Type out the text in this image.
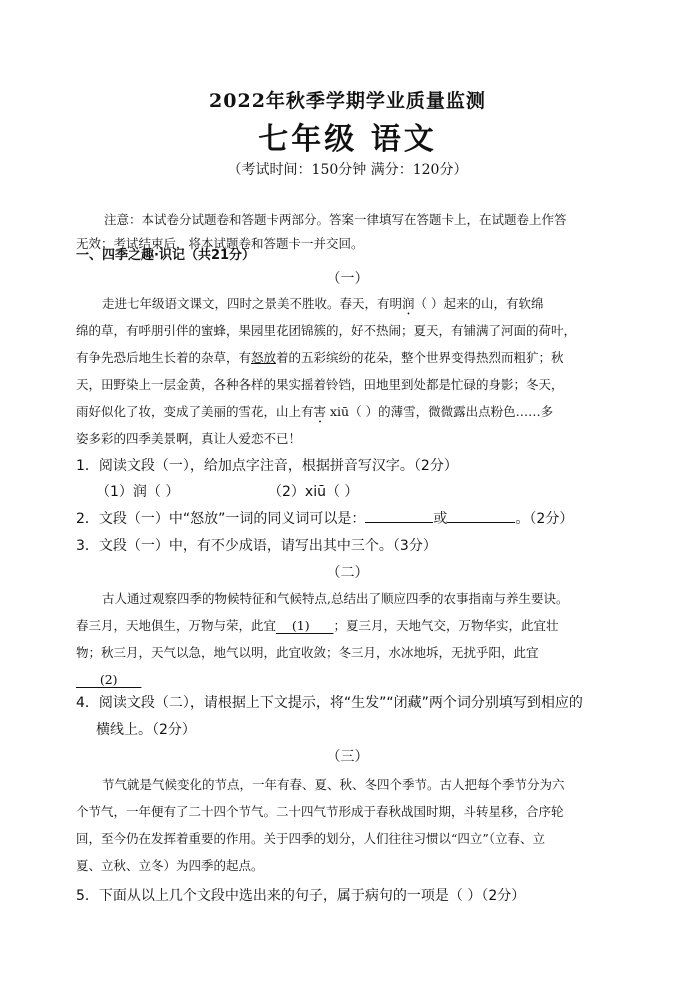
2022年秋季学期学业质量监测
七年级 语文
（考试时间：150分钟 满分：120分）
注意：本试卷分试题卷和答题卡两部分。答案一律填写在答题卡上，在试题卷上作答
无效；考试结束后，将本试题卷和答题卡一并交回。
一、四季之趣·识记（共21分）
（一）
走进七年级语文课文，四时之景美不胜收。春天，有明润（ ）起来的山，有软绵
绵的草，有呼朋引伴的蜜蜂，果园里花团锦簇的，好不热闹；夏天，有铺满了河面的荷叶，
有争先恐后地生长着的杂草，有怒放着的五彩缤纷的花朵，整个世界变得热烈而粗犷；秋
天，田野染上一层金黄，各种各样的果实摇着铃铛，田地里到处都是忙碌的身影；冬天，
雨好似化了妆，变成了美丽的雪花，山上有害 xiū（ ）的薄雪，微微露出点粉色……多
姿多彩的四季美景啊，真让人爱恋不已！
1．阅读文段（一），给加点字注音，根据拼音写汉字。（2分）
（1）润（ ）	（2）xiū（ ）
2．文段（一）中“怒放”一词的同义词可以是：	或	。（2分）
3．文段（一）中，有不少成语，请写出其中三个。（3分）
（二）
古人通过观察四季的物候特征和气候特点,总结出了顺应四季的农事指南与养生要诀。
春三月，天地俱生，万物与荣，此宜    (1)      ；夏三月，天地气交，万物华实，此宜壮
物；秋三月，天气以急，地气以明，此宜收敛；冬三月，水冰地坼，无扰乎阳，此宜
(2)
4．阅读文段（二），请根据上下文提示，将“生发”“闭藏”两个词分别填写到相应的
横线上。（2分）
（三）
节气就是气候变化的节点，一年有春、夏、秋、冬四个季节。古人把每个季节分为六
个节气，一年便有了二十四个节气。二十四气节形成于春秋战国时期，斗转星移，合序轮
回，至今仍在发挥着重要的作用。关于四季的划分，人们往往习惯以“四立”（立春、立
夏、立秋、立冬）为四季的起点。
5．下面从以上几个文段中选出来的句子，属于病句的一项是（ ）（2分）
